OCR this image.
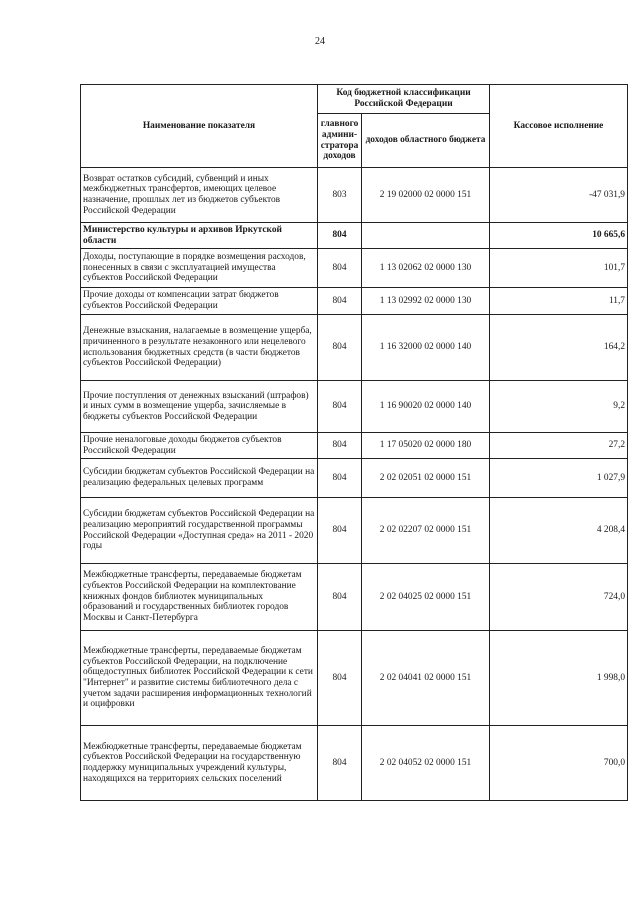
24
Наименование показателя	Код бюджетной классификации Российской Федерации		Кассовое исполнение
	главного админи-стратора доходов	доходов областного бюджета	
Возврат остатков субсидий, субвенций и иных межбюджетных трансфертов, имеющих целевое назначение, прошлых лет из бюджетов субъектов Российской Федерации	803	2 19 02000 02 0000 151	-47 031,9
Министерство культуры и архивов Иркутской области	804		10 665,6
Доходы, поступающие в порядке возмещения расходов, понесенных в связи с эксплуатацией имущества субъектов Российской Федерации	804	1 13 02062 02 0000 130	101,7
Прочие доходы от компенсации затрат бюджетов субъектов Российской Федерации	804	1 13 02992 02 0000 130	11,7
Денежные взыскания, налагаемые в возмещение ущерба, причиненного в результате незаконного или нецелевого использования бюджетных средств (в части бюджетов субъектов Российской Федерации)	804	1 16 32000 02 0000 140	164,2
Прочие поступления от денежных взысканий (штрафов) и иных сумм в возмещение ущерба, зачисляемые в бюджеты субъектов Российской Федерации	804	1 16 90020 02 0000 140	9,2
Прочие неналоговые доходы бюджетов субъектов Российской Федерации	804	1 17 05020 02 0000 180	27,2
Субсидии бюджетам субъектов Российской Федерации на реализацию федеральных целевых программ	804	2 02 02051 02 0000 151	1 027,9
Субсидии бюджетам субъектов Российской Федерации на реализацию мероприятий государственной программы Российской Федерации «Доступная среда» на 2011 - 2020 годы	804	2 02 02207 02 0000 151	4 208,4
Межбюджетные трансферты, передаваемые бюджетам субъектов Российской Федерации на комплектование книжных фондов библиотек муниципальных образований и государственных библиотек городов Москвы и Санкт-Петербурга	804	2 02 04025 02 0000 151	724,0
Межбюджетные трансферты, передаваемые бюджетам субъектов Российской Федерации, на подключение общедоступных библиотек Российской Федерации к сети "Интернет" и развитие системы библиотечного дела с учетом задачи расширения информационных технологий и оцифровки	804	2 02 04041 02 0000 151	1 998,0
Межбюджетные трансферты, передаваемые бюджетам субъектов Российской Федерации на государственную поддержку муниципальных учреждений культуры, находящихся на территориях сельских поселений	804	2 02 04052 02 0000 151	700,0
